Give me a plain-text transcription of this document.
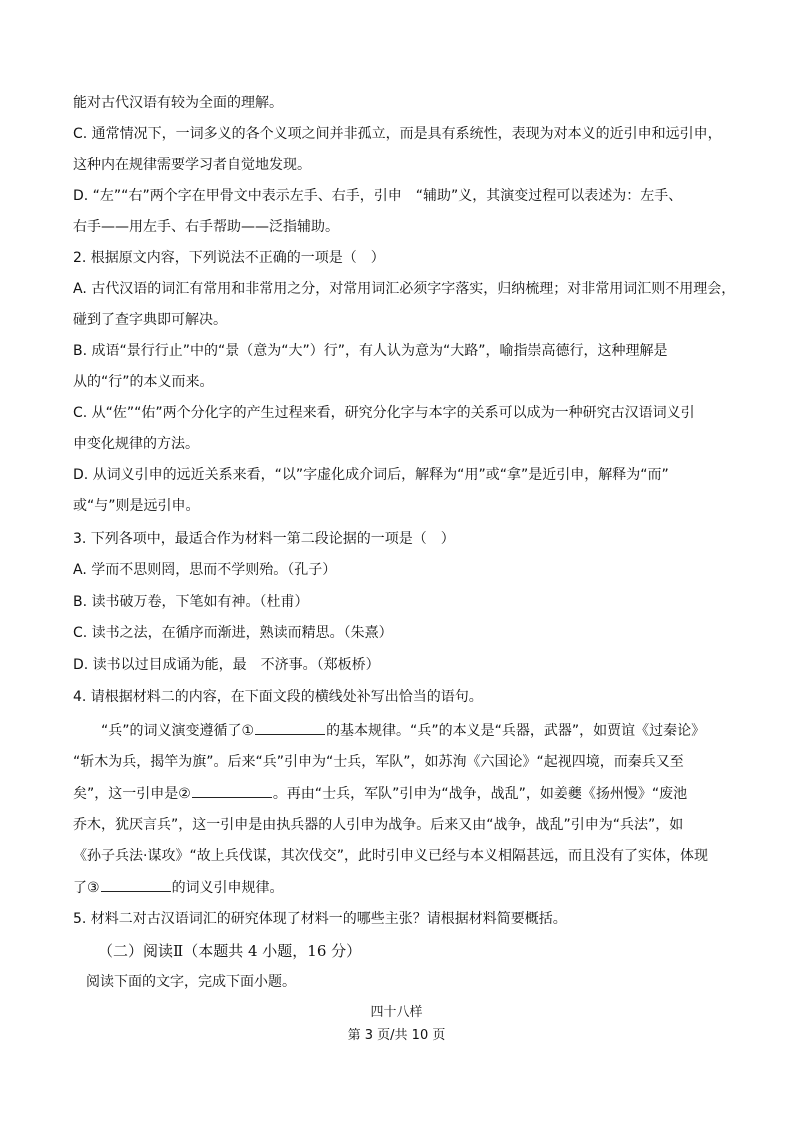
能对古代汉语有较为全面的理解。
C. 通常情况下，一词多义的各个义项之间并非孤立，而是具有系统性，表现为对本义的近引申和远引申，
这种内在规律需要学习者自觉地发现。
D. “左”“右”两个字在甲骨文中表示左手、右手，引申　“辅助”义，其演变过程可以表述为：左手、
右手——用左手、右手帮助——泛指辅助。
2. 根据原文内容，下列说法不正确的一项是（　）
A. 古代汉语的词汇有常用和非常用之分，对常用词汇必须字字落实，归纳梳理；对非常用词汇则不用理会，
碰到了查字典即可解决。
B. 成语“景行行止”中的“景（意为“大”）行”，有人认为意为“大路”，喻指崇高德行，这种理解是
从的“行”的本义而来。
C. 从“佐”“佑”两个分化字的产生过程来看，研究分化字与本字的关系可以成为一种研究古汉语词义引
申变化规律的方法。
D. 从词义引申的远近关系来看，“以”字虚化成介词后，解释为“用”或“拿”是近引申，解释为“而”
或“与”则是远引申。
3. 下列各项中，最适合作为材料一第二段论据的一项是（　）
A. 学而不思则罔，思而不学则殆。（孔子）
B. 读书破万卷，下笔如有神。（杜甫）
C. 读书之法，在循序而渐进，熟读而精思。（朱熹）
D. 读书以过目成诵为能，最　不济事。（郑板桥）
4. 请根据材料二的内容，在下面文段的横线处补写出恰当的语句。
“兵”的词义演变遵循了①	的基本规律。“兵”的本义是“兵器，武器”，如贾谊《过秦论》
“斩木为兵，揭竿为旗”。后来“兵”引申为“士兵，军队”，如苏洵《六国论》“起视四境，而秦兵又至
矣”，这一引申是②	。再由“士兵，军队”引申为“战争，战乱”，如姜夔《扬州慢》“废池
乔木，犹厌言兵”，这一引申是由执兵器的人引申为战争。后来又由“战争，战乱”引申为“兵法”，如
《孙子兵法·谋攻》“故上兵伐谋，其次伐交”，此时引申义已经与本义相隔甚远，而且没有了实体，体现
了③	的词义引申规律。
5. 材料二对古汉语词汇的研究体现了材料一的哪些主张？请根据材料简要概括。
（二）阅读Ⅱ（本题共 4 小题，16 分）
阅读下面的文字，完成下面小题。
四十八样
第 3 页/共 10 页
